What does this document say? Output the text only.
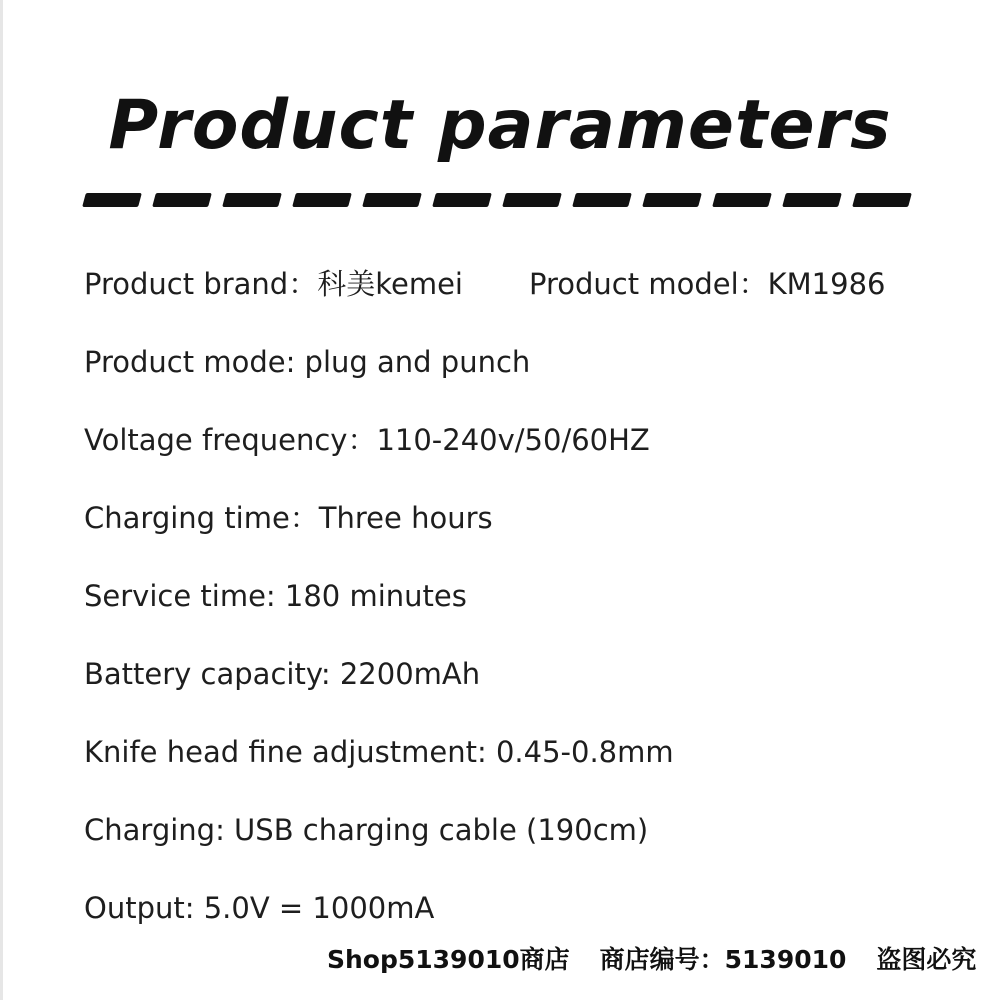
Product parameters
Product brand：科美kemei Product model：KM1986
Product mode: plug and punch
Voltage frequency：110-240v/50/60HZ
Charging time：Three hours
Service time: 180 minutes
Battery capacity: 2200mAh
Knife head fine adjustment: 0.45-0.8mm
Charging: USB charging cable (190cm)
Output: 5.0V = 1000mA
Shop5139010商店 商店编号：5139010 盗图必究
